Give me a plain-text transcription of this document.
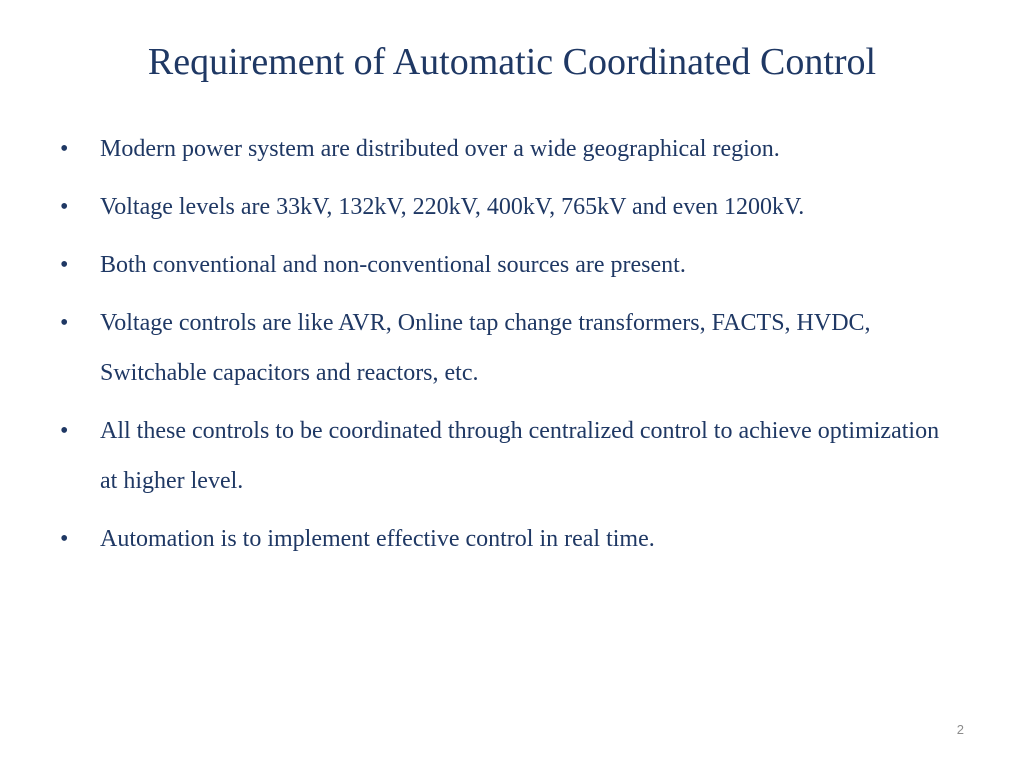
Requirement of Automatic Coordinated Control
•	Modern power system are distributed over a wide geographical region.
•	Voltage levels are 33kV, 132kV, 220kV, 400kV, 765kV and even 1200kV.
•	Both conventional and non-conventional sources are present.
•	Voltage controls are like AVR, Online tap change transformers, FACTS, HVDC, Switchable capacitors and reactors, etc.
•	All these controls to be coordinated through centralized control to achieve optimization at higher level.
•	Automation is to implement effective control in real time.
2
